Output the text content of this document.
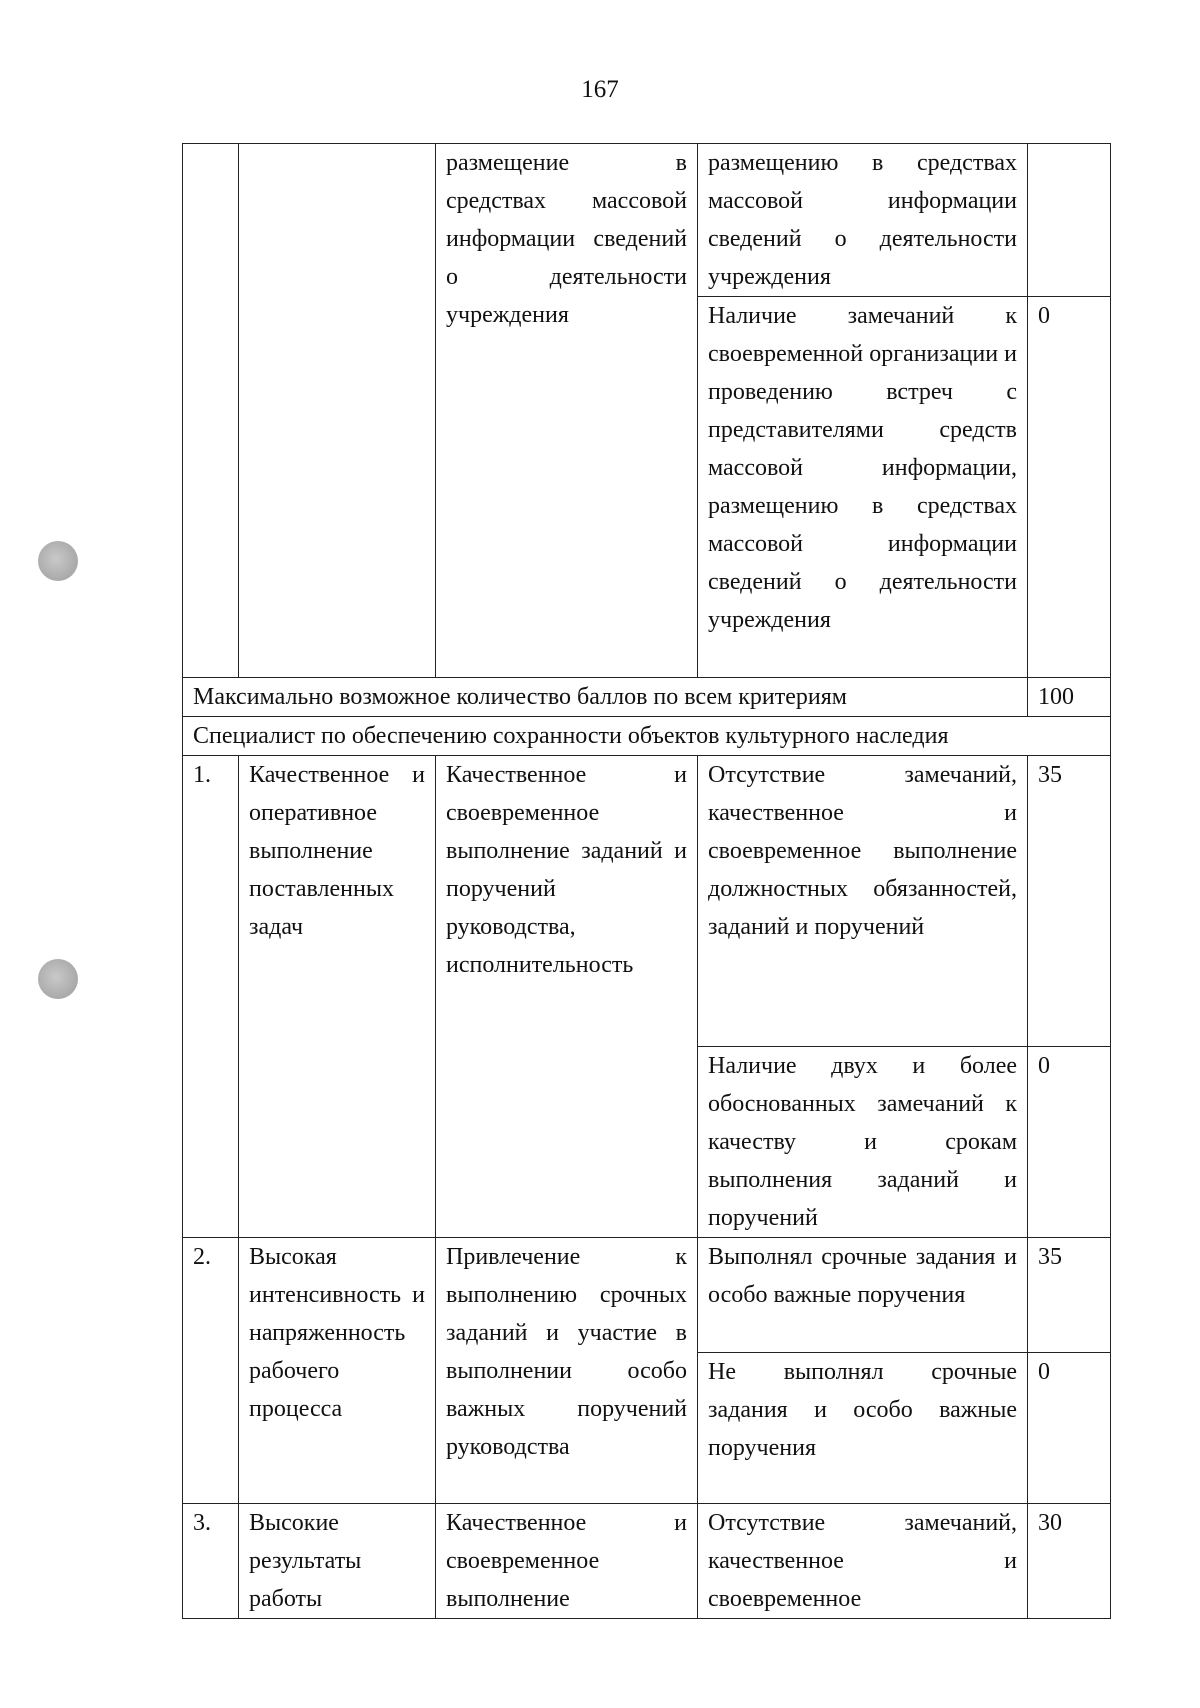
167
		размещение в средствах массовой информации сведений о деятельности учреждения	размещению в средствах массовой информации сведений о деятельности учреждения	
			Наличие замечаний к своевременной организации и проведению встреч с представителями средств массовой информации, размещению в средствах массовой информации сведений о деятельности учреждения	0
Максимально возможное количество баллов по всем критериям				100
Специалист по обеспечению сохранности объектов культурного наследия				
1.	Качественное и оперативное выполнение поставленных задач	Качественное и своевременное выполнение заданий и поручений руководства, исполнительность	Отсутствие замечаний, качественное и своевременное выполнение должностных обязанностей, заданий и поручений	35
			Наличие двух и более обоснованных замечаний к качеству и срокам выполнения заданий и поручений	0
2.	Высокая интенсивность и напряженность рабочего процесса	Привлечение к выполнению срочных заданий и участие в выполнении особо важных поручений руководства	Выполнял срочные задания и особо важные поручения	35
			Не выполнял срочные задания и особо важные поручения	0
3.	Высокие результаты работы	Качественное и своевременное выполнение	Отсутствие замечаний, качественное и своевременное	30
